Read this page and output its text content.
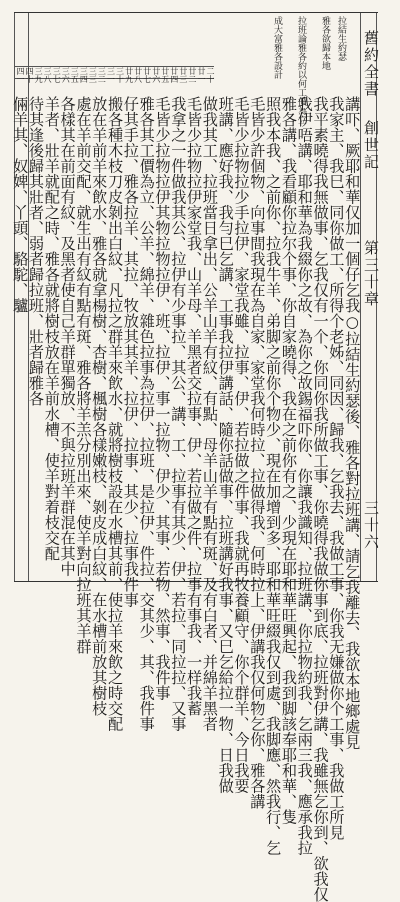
舊約全書
創世記
第三十章
三十六
拉結生約瑟
雅各欲歸本地
拉班論雅各約以何工價為立
成大富雅各設計
二十
廿一
廿二
廿三
廿四
廿五
廿六
廿七
廿八
廿九
三十
三一
三二
三三
三四
三五
三六
三七
三八
三九
四十
四一
講吓、厥耶和華仅加一個仔乞我○拉結生約瑟後、雅各對拉班講、請乞我離去、我欲本地鄉處見
我家主、我巳、同你做工、所得个老姊、同因、歸我、乞我去、我做工事、你我无嫌做你个工事、我做工所見
我平素曉得我無做事、乞我仅有一个、你同你我所做工事、你曉得我做你事到底、拉班對伊講、我雖無乞你到、欲我仅
我伊唔講、耶和華為我綴你之故、為你之故錫福吓你、你讓我識知、拉班講、你拉物約我、乞兩三我、應承我拉
雅各講、我看顧你拉尔个事、你自家曉得、我在之前你有之、少現在耶和華旺興起、我到脚該奉耶和華、隻
照我本我、之前你、拉我牛羊、弟脚之前你个物少、現在加增到多、耶和華旺綴我仅到處、我脚應、然我行、乞
毛皆少許個物、向事間我現在為自家、家堂我何時拉、拉做得我、何時拉上、伊講我仅何物乞你、雅各講
毛皆少拉物拉少手拉伊、家堂我雖、拉事、伊、若拉做之件事、我就再牧養顧守、你个群羊、今日我要
班講、應好我、我勻巳乞講、工事我拉伊講話、隨你話做事、拉班講好我事、又巳乞給拉一物、日我做
做我其工、拉班當日拿出、公羊山羊有紋、有點、母羊山羊有點有斑、及有白者、并綿羊黑者
毛皆少拉物拉伊家堂我、山羊母、羊黑者交拉事、伊、若拉做之件、拉事有事我、一样我蓄
我拿之一件做我其公、拉伊有少事拉、其公、講、工、拉事有其少、伊、若拉、同拉拉、又事
毛皆少拉物拉伊其物拉物拉伊、班、拉伊、事一拉物、伊少、其事、若物、然事、我件事
雅各其工價為立、公羊、綿羊、雜色拉事為拉伊、拉班、是拉伊、件拉、交其少、其、我件事
仔其手拉、雅各拉羊、其拉、牧放其其羊、拉伊、拉事、其少、拉事我件事
搬各種木枝刀皮剝出白紋、凡拉之群羊來飲水、就將樹枝設在水槽其前、使拉羊來飲之時交配
放在羊前羊來飲水、雅各就拿楊樹、杏樹、楓樹各樣嫩枝、剝皮成白紋、在水槽前放其樹枝
處在羊前交配、就生出有紋有點有斑、雅各將羊羔分別出來、使羊對向拉班其羊群
各樣其在前面有紋、及黑者使自己羊群單獨放、不與拉班羊群混在其中
羊者、壯羊就配之時、雅各就將樹枝放在羊前水槽、使羊對着枝交配
待其逢後歸其壯者、弱者歸拉班、壯者歸雅各
倆羊其、奴婢、丫頭、駱駝、驢
